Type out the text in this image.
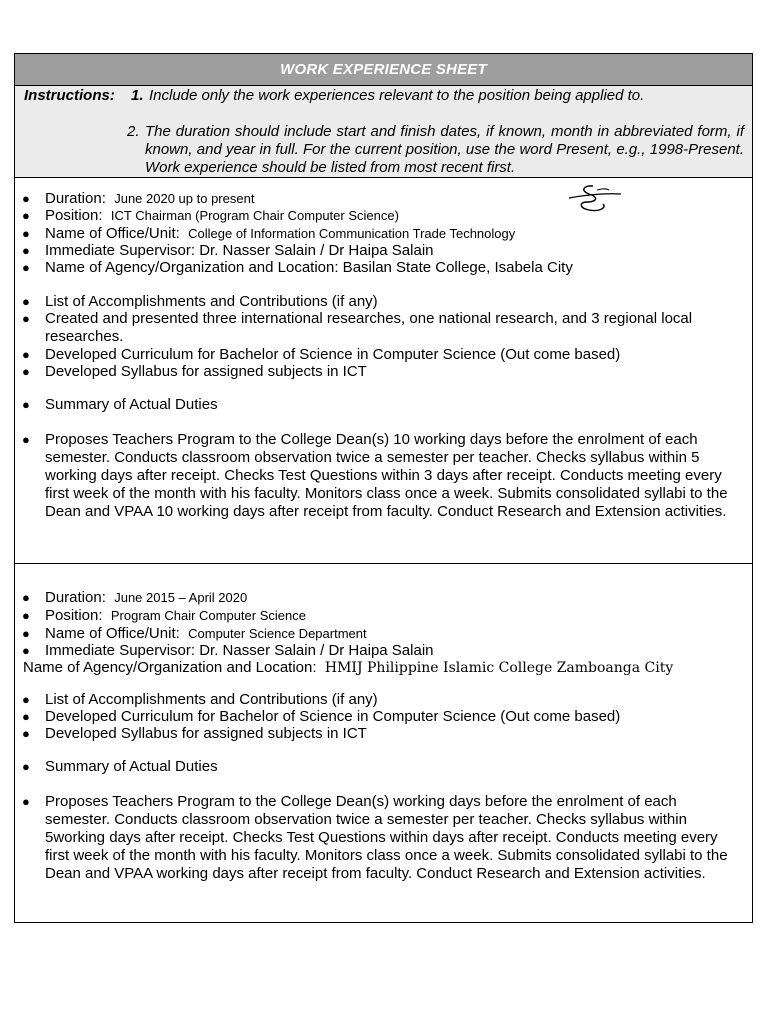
WORK EXPERIENCE SHEET
Instructions: 1. Include only the work experiences relevant to the position being applied to.
2. The duration should include start and finish dates, if known, month in abbreviated form, if known, and year in full. For the current position, use the word Present, e.g., 1998-Present. Work experience should be listed from most recent first.
● Duration: June 2020 up to present
● Position: ICT Chairman (Program Chair Computer Science)
● Name of Office/Unit: College of Information Communication Trade Technology
● Immediate Supervisor: Dr. Nasser Salain / Dr Haipa Salain
● Name of Agency/Organization and Location: Basilan State College, Isabela City
● List of Accomplishments and Contributions (if any)
● Created and presented three international researches, one national research, and 3 regional local researches.
● Developed Curriculum for Bachelor of Science in Computer Science (Out come based)
● Developed Syllabus for assigned subjects in ICT
● Summary of Actual Duties
● Proposes Teachers Program to the College Dean(s) 10 working days before the enrolment of each semester. Conducts classroom observation twice a semester per teacher. Checks syllabus within 5 working days after receipt. Checks Test Questions within 3 days after receipt. Conducts meeting every first week of the month with his faculty. Monitors class once a week. Submits consolidated syllabi to the Dean and VPAA 10 working days after receipt from faculty. Conduct Research and Extension activities.
● Duration: June 2015 – April 2020
● Position: Program Chair Computer Science
● Name of Office/Unit: Computer Science Department
● Immediate Supervisor: Dr. Nasser Salain / Dr Haipa Salain
Name of Agency/Organization and Location: HMIJ Philippine Islamic College Zamboanga City
● List of Accomplishments and Contributions (if any)
● Developed Curriculum for Bachelor of Science in Computer Science (Out come based)
● Developed Syllabus for assigned subjects in ICT
● Summary of Actual Duties
● Proposes Teachers Program to the College Dean(s) working days before the enrolment of each semester. Conducts classroom observation twice a semester per teacher. Checks syllabus within 5working days after receipt. Checks Test Questions within days after receipt. Conducts meeting every first week of the month with his faculty. Monitors class once a week. Submits consolidated syllabi to the Dean and VPAA working days after receipt from faculty. Conduct Research and Extension activities.
